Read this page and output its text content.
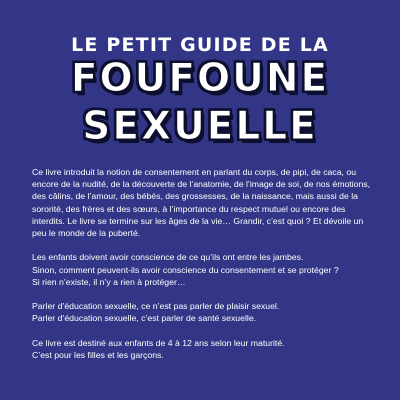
LE PETIT GUIDE DE LA
FOUFOUNE
SEXUELLE

Ce livre introduit la notion de consentement en parlant du corps, de pipi, de caca, ou encore de la nudité, de la découverte de l’anatomie, de l’image de soi, de nos émotions, des câlins, de l’amour, des bébés, des grossesses, de la naissance, mais aussi de la sororité, des frères et des sœurs, à l’importance du respect mutuel ou encore des interdits. Le livre se termine sur les âges de la vie… Grandir, c’est quoi ? Et dévoile un peu le monde de la puberté.

Les enfants doivent avoir conscience de ce qu’ils ont entre les jambes.
Sinon, comment peuvent-ils avoir conscience du consentement et se protéger ?
Si rien n’existe, il n’y a rien à protéger…

Parler d’éducation sexuelle, ce n’est pas parler de plaisir sexuel.
Parler d’éducation sexuelle, c’est parler de santé sexuelle.

Ce livre est destiné aux enfants de 4 à 12 ans selon leur maturité.
C’est pour les filles et les garçons.
